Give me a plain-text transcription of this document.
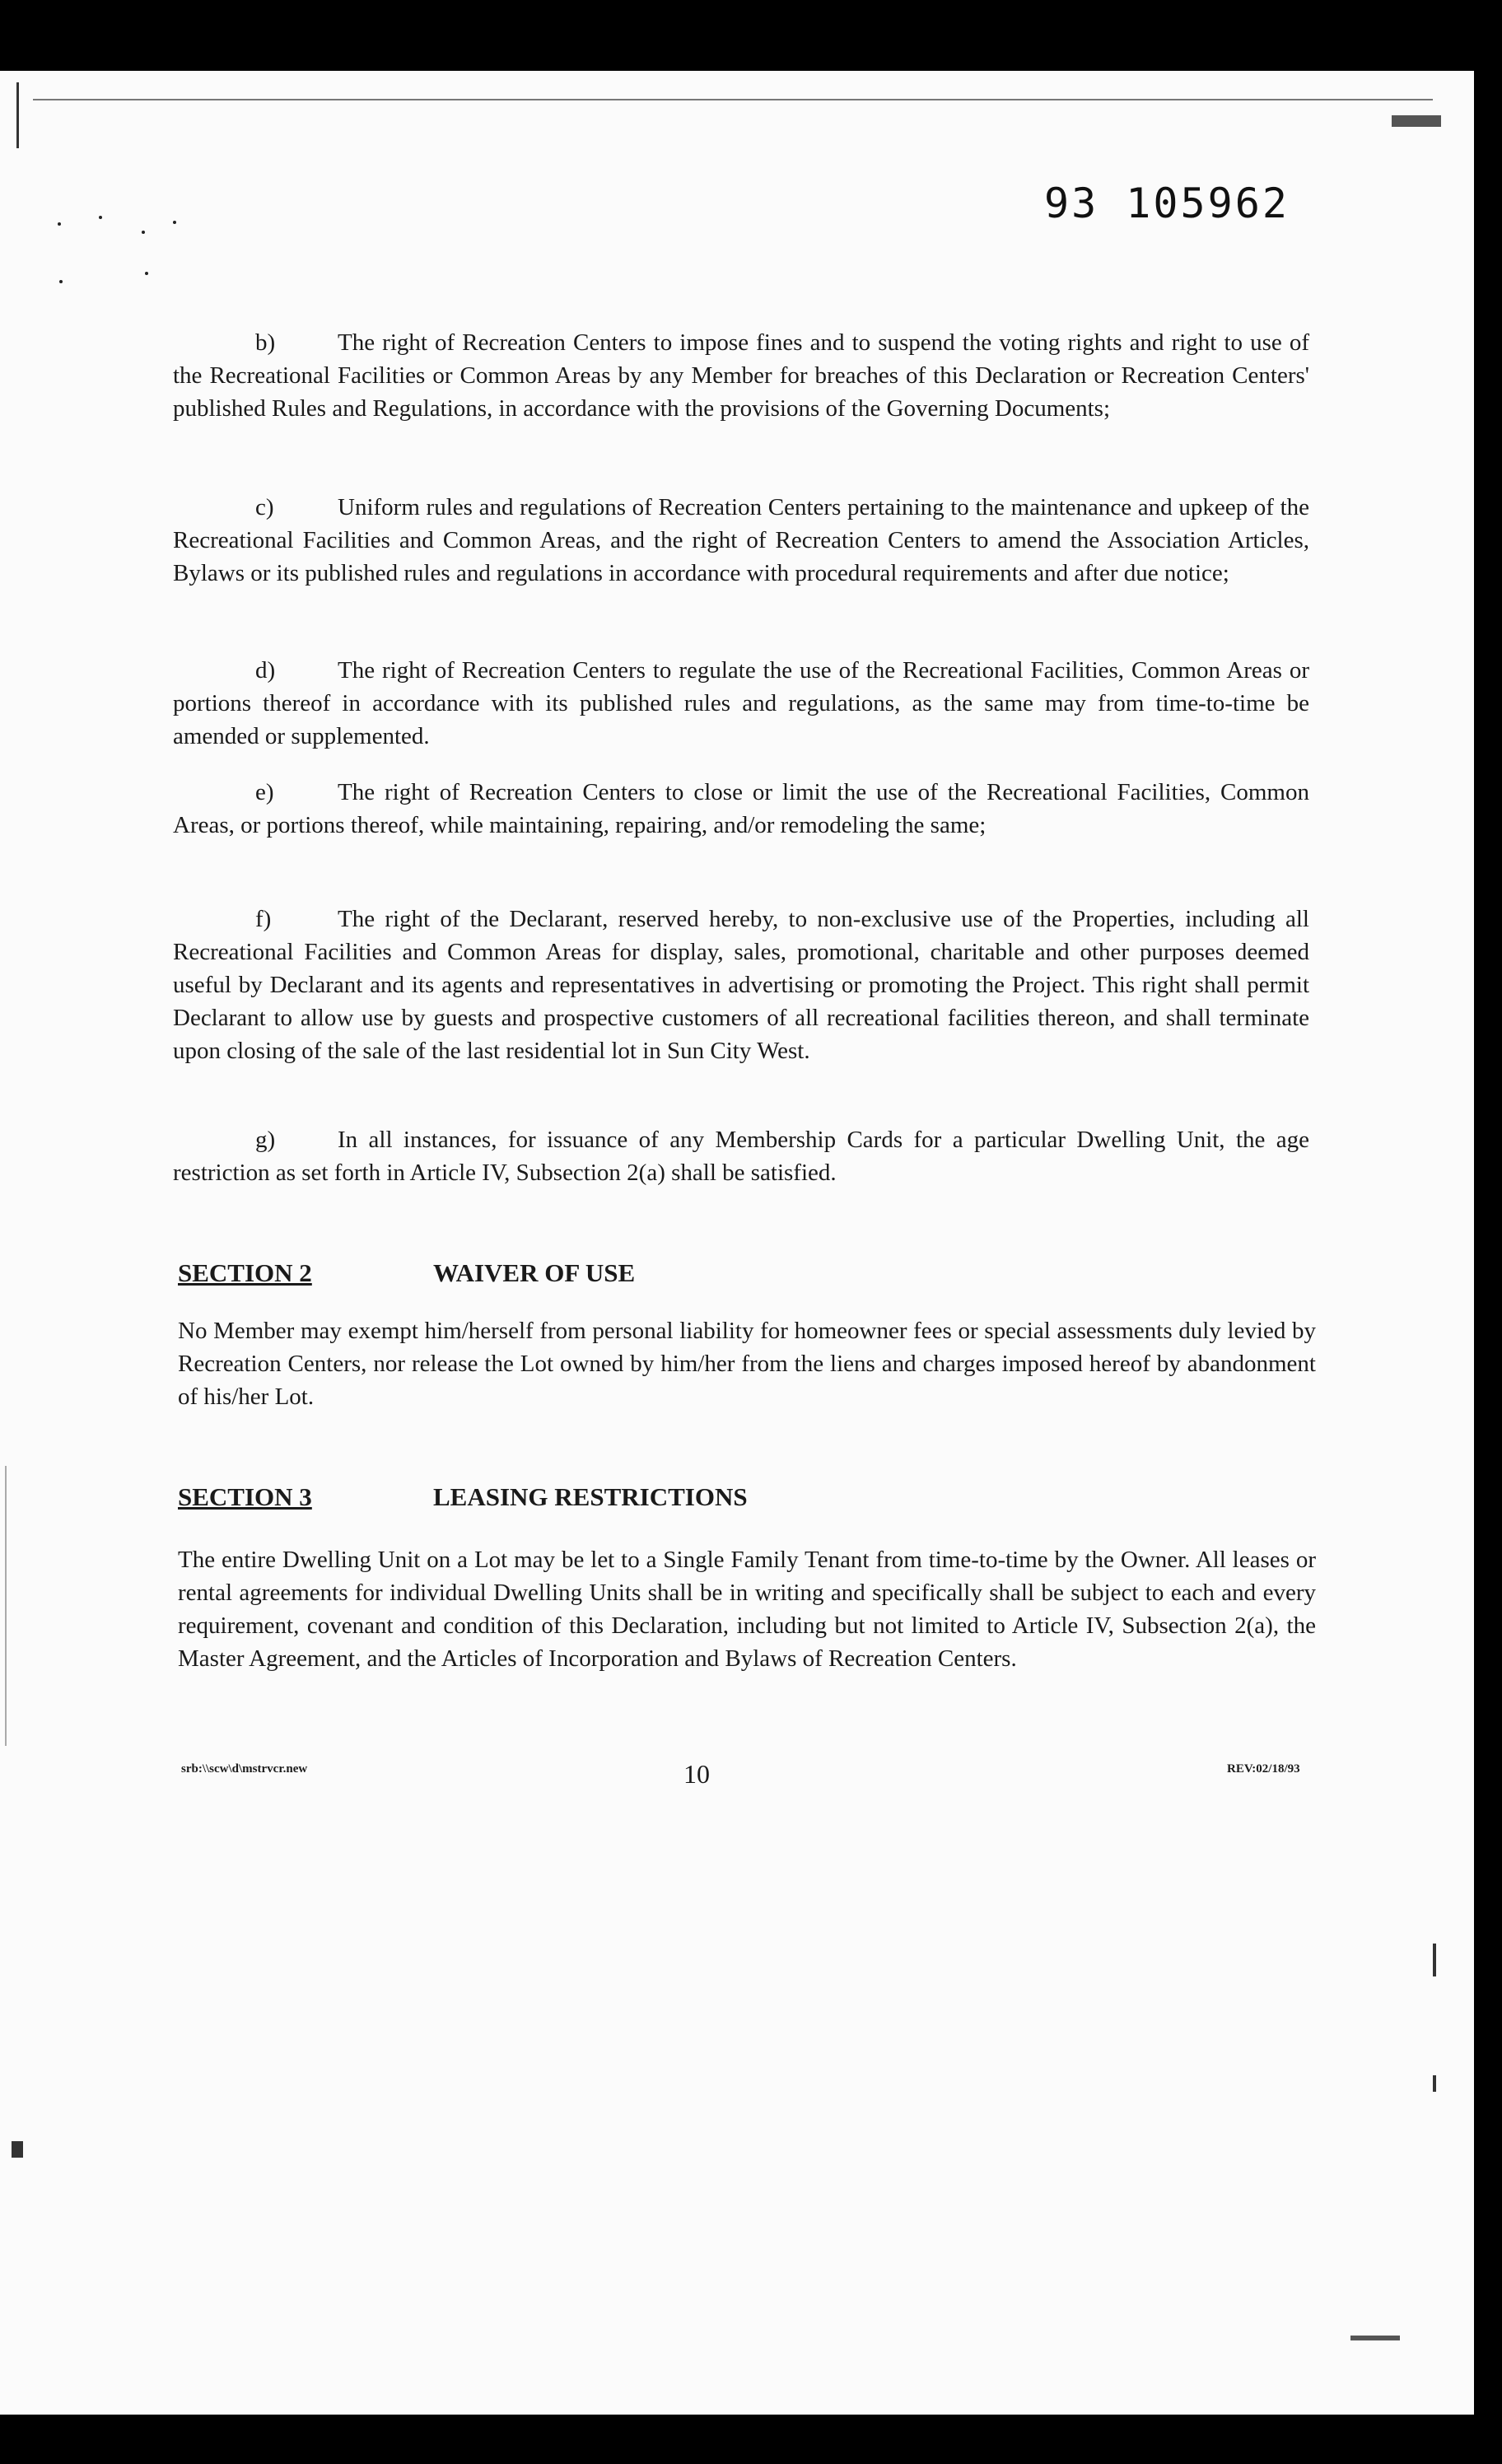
93 105962

b)	The right of Recreation Centers to impose fines and to suspend the voting rights and right to use of the Recreational Facilities or Common Areas by any Member for breaches of this Declaration or Recreation Centers' published Rules and Regulations, in accordance with the provisions of the Governing Documents;

c)	Uniform rules and regulations of Recreation Centers pertaining to the maintenance and upkeep of the Recreational Facilities and Common Areas, and the right of Recreation Centers to amend the Association Articles, Bylaws or its published rules and regulations in accordance with procedural requirements and after due notice;

d)	The right of Recreation Centers to regulate the use of the Recreational Facilities, Common Areas or portions thereof in accordance with its published rules and regulations, as the same may from time-to-time be amended or supplemented.

e)	The right of Recreation Centers to close or limit the use of the Recreational Facilities, Common Areas, or portions thereof, while maintaining, repairing, and/or remodeling the same;

f)	The right of the Declarant, reserved hereby, to non-exclusive use of the Properties, including all Recreational Facilities and Common Areas for display, sales, promotional, charitable and other purposes deemed useful by Declarant and its agents and representatives in advertising or promoting the Project. This right shall permit Declarant to allow use by guests and prospective customers of all recreational facilities thereon, and shall terminate upon closing of the sale of the last residential lot in Sun City West.

g)	In all instances, for issuance of any Membership Cards for a particular Dwelling Unit, the age restriction as set forth in Article IV, Subsection 2(a) shall be satisfied.

SECTION 2	WAIVER OF USE

No Member may exempt him/herself from personal liability for homeowner fees or special assessments duly levied by Recreation Centers, nor release the Lot owned by him/her from the liens and charges imposed hereof by abandonment of his/her Lot.

SECTION 3	LEASING RESTRICTIONS

The entire Dwelling Unit on a Lot may be let to a Single Family Tenant from time-to-time by the Owner. All leases or rental agreements for individual Dwelling Units shall be in writing and specifically shall be subject to each and every requirement, covenant and condition of this Declaration, including but not limited to Article IV, Subsection 2(a), the Master Agreement, and the Articles of Incorporation and Bylaws of Recreation Centers.

srb:\\scw\d\mstrvcr.new	10	REV:02/18/93
